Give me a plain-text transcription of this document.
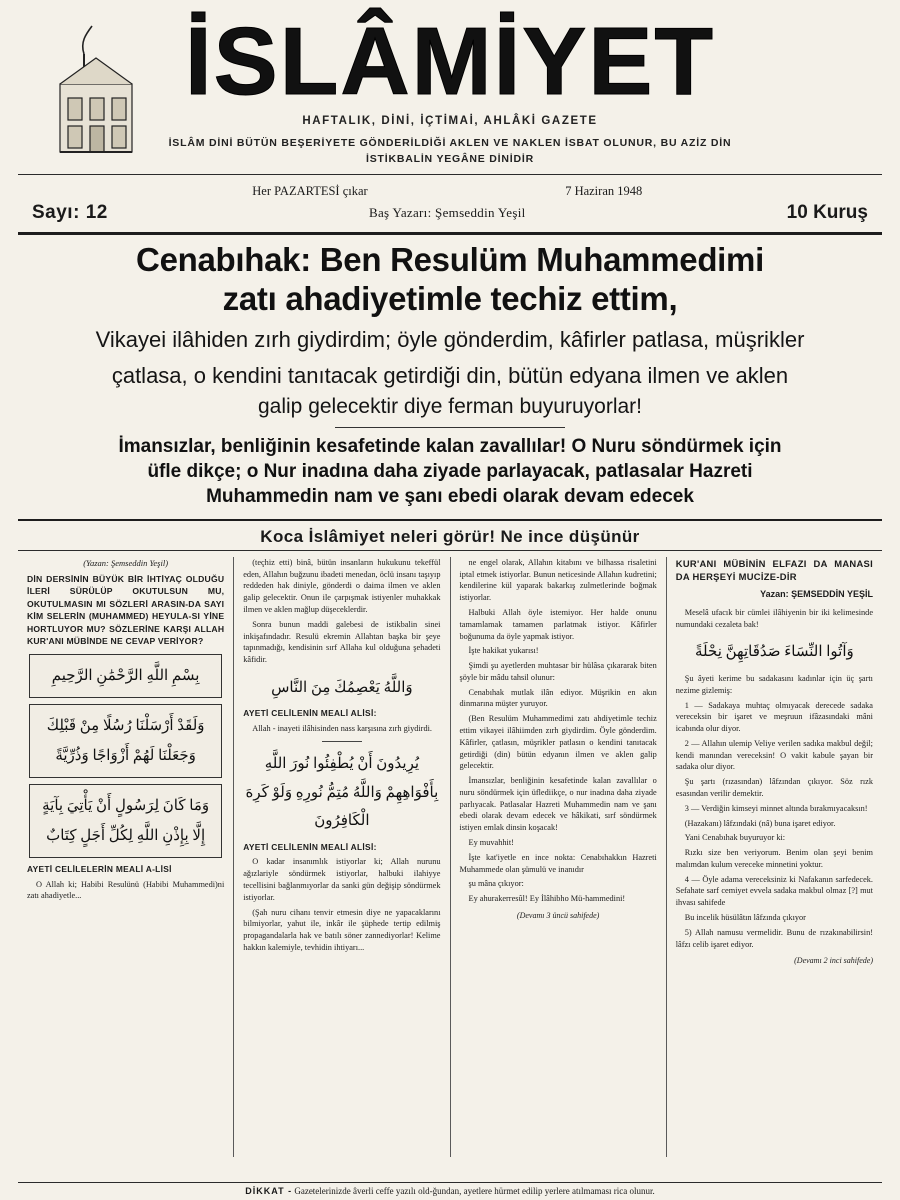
İSLÂMİYET
HAFTALIK, DİNİ, İÇTİMAİ, AHLÂKİ GAZETE
İSLÂM DİNİ BÜTÜN BEŞERİYETE GÖNDERİLDİĞİ AKLEN VE NAKLEN İSBAT OLUNUR, BU AZİZ DİN
İSTİKBALİN YEGÂNE DİNİDİR
Sayı: 12
Her PAZARTESİ çıkar	7 Haziran 1948
Baş Yazarı: Şemseddin Yeşil	10 Kuruş
Cenabıhak: Ben Resulüm Muhammedimi
zatı ahadiyetimle techiz ettim,
Vikayei ilâhiden zırh giydirdim; öyle gönderdim, kâfirler patlasa, müşrikler
çatlasa, o kendini tanıtacak getirdiği din, bütün edyana ilmen ve aklen
galip gelecektir diye ferman buyuruyorlar!
İmansızlar, benliğinin kesafetinde kalan zavallılar! O Nuru söndürmek için
üfle dikçe; o Nur inadına daha ziyade parlayacak, patlasalar Hazreti
Muhammedin nam ve şanı ebedi olarak devam edecek
Koca İslâmiyet neleri görür! Ne ince düşünür
(Yazan: Şemseddin Yeşil)
DİN DERSİNİN BÜYÜK BİR İHTİYAÇ OLDUĞU İLERİ SÜRÜLÜP OKUTULSUN MU, OKUTULMASIN MI SÖZLERİ ARASIN-DA SAYI KİM SELERİN (MUHAMMED) HEYULA-SI YİNE HORTLUYOR MU? SÖZLERİNE KARŞI ALLAH KUR'ANI MÜBİNDE NE CEVAP VERİYOR?
بِسْمِ اللَّهِ الرَّحْمَٰنِ الرَّحِيمِ
وَلَقَدْ أَرْسَلْنَا رُسُلًا مِنْ قَبْلِكَ وَجَعَلْنَا لَهُمْ أَزْوَاجًا وَذُرِّيَّةً
وَمَا كَانَ لِرَسُولٍ أَنْ يَأْتِيَ بِآيَةٍ إِلَّا بِإِذْنِ اللَّهِ لِكُلِّ أَجَلٍ كِتَابٌ
AYETİ CELİLELERİN MEALİ A-LİSİ
O Allah ki; Habibi Resulünü (Habibi Muhammedi)ni zatı ahadiyetle...
(teçhiz etti) binâ, bütün insanların hukukunu tekeffül eden, Allahın buğzunu ibadeti menedan, öclü insanı taşıyıp reddeden hak diniyle, gönderdi o daima ilmen ve aklen galip gelecektir. Onun ile çarpışmak istiyenler muhakkak ilmen ve aklen mağlup düşeceklerdir.
Sonra bunun maddi galebesi de istikbalin sinei inkişafındadır. Resulü ekremin Allahtan başka bir şeye tapınmadığı, kendisinin sırf Allaha kul olduğuna şehadeti kâfidir.
وَاللَّهُ يَعْصِمُكَ مِنَ النَّاسِ
AYETİ CELİLENİN MEALİ ALİSİ:
Allah - inayeti ilâhisinden nass karşısına zırh giydirdi.
يُرِيدُونَ أَنْ يُطْفِئُوا نُورَ اللَّهِ بِأَفْوَاهِهِمْ وَاللَّهُ مُتِمُّ نُورِهِ وَلَوْ كَرِهَ الْكَافِرُونَ
AYETİ CELİLENİN MEALİ ALİSİ:
O kadar insanımlık istiyorlar ki; Allah nurunu ağızlariyle söndürmek istiyorlar, halbuki ilahiyye tecellisini bağlanmıyorlar da sanki gün değişip söndürmek istiyorlar.
(Şah nuru cihanı tenvir etmesin diye ne yapacaklarını bilmiyorlar, yahut ile, inkâr ile şüphede tertip edilmiş propagandalarla hak ve batılı söner zannediyorlar! Kelime hakkın kalemiyle, tevhidin ihtiyarı...
ne engel olarak, Allahın kitabını ve bilhassa risaletini iptal etmek istiyorlar. Bunun neticesinde Allahın kudretini; kendilerine kül yaparak bakarkış zulmetlerinde boğmak istiyorlar.
Halbuki Allah öyle istemiyor. Her halde onunu tamamlamak tamamen parlatmak istiyor. Kâfirler boğunuma da öyle yapmak istiyor.
İşte hakikat yukarısı!
Şimdi şu ayetlerden muhtasar bir hülâsa çıkararak biten şöyle bir mâdu tahsil olunur:
Cenabıhak mutlak ilân ediyor. Müşrikin en akın dinmarına müşter yuruyor.
(Ben Resulüm Muhammedimi zatı ahdiyetimle techiz ettim vikayei ilâhiimden zırh giydirdim. Öyle gönderdim. Kâfirler, çatlasın, müşrikler patlasın o kendini tanıtacak getirdiği (din) bütün edyanın ilmen ve aklen galip gelecektir.
İmansızlar, benliğinin kesafetinde kalan zavallılar o nuru söndürmek için üflediikçe, o nur inadına daha ziyade parlıyacak. Patlasalar Hazreti Muhammedin nam ve şanı ebedi olarak devam edecek ve hâkikati, sırf söndürmek istiyen emlak dinsin koşacak!
Ey muvahhit!
İşte kat'iyetle en ince nokta: Cenabıhakkın Hazreti Muhammede olan şümulü ve inanıdır
şu mâna çıkıyor:
Ey ahurakerresûl! Ey İlâhibho Mü-hammedini!
(Devamı 3 üncü sahifede)
KUR'ANI MÜBİNİN ELFAZI DA MANASI DA HERŞEYİ MUCİZE-DİR
Yazan: ŞEMSEDDİN YEŞİL
Meselâ ufacık bir cümlei ilâhiyenin bir iki kelimesinde numundaki cezaleta bak!
وَآتُوا النِّسَاءَ صَدُقَاتِهِنَّ نِحْلَةً
Şu âyeti kerime bu sadakasını kadınlar için üç şartı nezime gizlemiş:
1 — Sadakaya muhtaç olmıyacak derecede sadaka vereceksin bir işaret ve meşruun ifâzasındaki mâni icabında olur diyor.
2 — Allahın ulemip Veliye verilen sadıka makbul değil; kendi manından vereceksin! O vakit kabule şayan bir sadaka olur diyor.
Şu şartı (rızasından) lâfzından çıkıyor. Söz rızk esasından verilir demektir.
3 — Verdiğin kimseyi minnet altında bırakmıyacaksın!
(Hazakanı) lâfzındaki (nâ) buna işaret ediyor.
Yani Cenabıhak buyuruyor ki:
Rızkı size ben veriyorum. Benim olan şeyi benim malımdan kulum vereceke minnetini yoktur.
4 — Öyle adama vereceksiniz ki Nafakanın sarfedecek. Sefahate sarf cemiyet evvela sadaka makbul olmaz [?] mut ihvası sahifede
Bu incelik hüsülâtın lâfzında çıkıyor
5) Allah namusu vermelidir. Bunu de rızakınabilirsin! lâfzı celib işaret ediyor.
(Devamı 2 inci sahifede)
DİKKAT - Gazetelerinizde âverli ceffe yazılı old-ğundan, ayetlere hürmet edilip yerlere atılmaması rica olunur.
